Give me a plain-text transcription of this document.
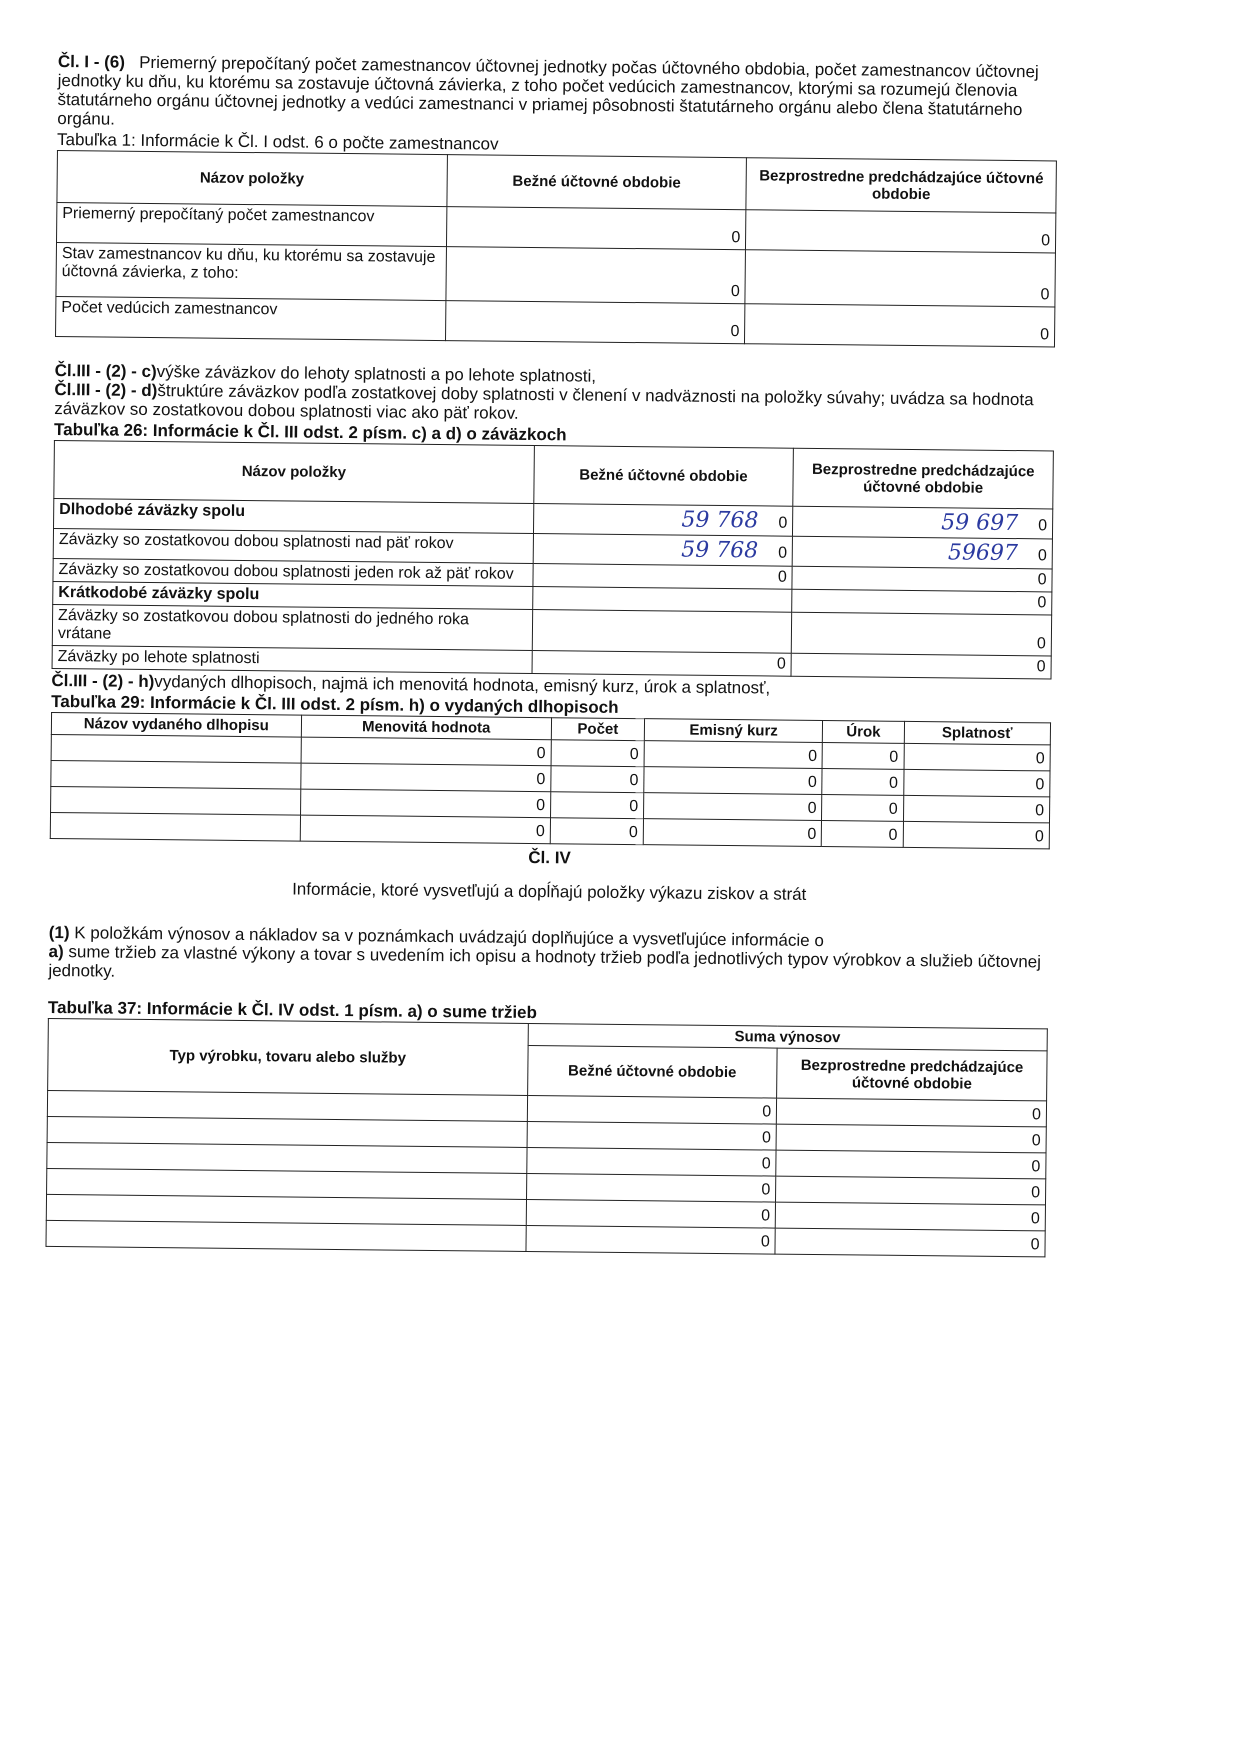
Čl. I - (6) Priemerný prepočítaný počet zamestnancov účtovnej jednotky počas účtovného obdobia, počet zamestnancov účtovnej jednotky ku dňu, ku ktorému sa zostavuje účtovná závierka, z toho počet vedúcich zamestnancov, ktorými sa rozumejú členovia štatutárneho orgánu účtovnej jednotky a vedúci zamestnanci v priamej pôsobnosti štatutárneho orgánu alebo člena štatutárneho orgánu.

Tabuľka 1: Informácie k Čl. I odst. 6 o počte zamestnancov
Názov položky	Bežné účtovné obdobie	Bezprostredne predchádzajúce účtovné obdobie
Priemerný prepočítaný počet zamestnancov	0	0
Stav zamestnancov ku dňu, ku ktorému sa zostavuje účtovná závierka, z toho:	0	0
Počet vedúcich zamestnancov	0	0

Čl.III - (2) - c)výške záväzkov do lehoty splatnosti a po lehote splatnosti,

Čl.III - (2) - d)štruktúre záväzkov podľa zostatkovej doby splatnosti v členení v nadväznosti na položky súvahy; uvádza sa hodnota záväzkov so zostatkovou dobou splatnosti viac ako päť rokov.

Tabuľka 26: Informácie k Čl. III odst. 2 písm. c) a d) o záväzkoch
Názov položky	Bežné účtovné obdobie	Bezprostredne predchádzajúce účtovné obdobie
Dlhodobé záväzky spolu	59 768 0	59 697 0
Záväzky so zostatkovou dobou splatnosti nad päť rokov	59 768 0	59697 0
Záväzky so zostatkovou dobou splatnosti jeden rok až päť rokov	0	0
Krátkodobé záväzky spolu		0
Záväzky so zostatkovou dobou splatnosti do jedného roka vrátane		0
Záväzky po lehote splatnosti	0	0

Čl.III - (2) - h)vydaných dlhopisoch, najmä ich menovitá hodnota, emisný kurz, úrok a splatnosť,

Tabuľka 29: Informácie k Čl. III odst. 2 písm. h) o vydaných dlhopisoch
Názov vydaného dlhopisu	Menovitá hodnota	Počet	Emisný kurz	Úrok	Splatnosť
	0	0	0	0	0
	0	0	0	0	0
	0	0	0	0	0
	0	0	0	0	0
Čl. IV
Informácie, ktoré vysvetľujú a dopĺňajú položky výkazu ziskov a strát

(1) K položkám výnosov a nákladov sa v poznámkach uvádzajú doplňujúce a vysvetľujúce informácie o

a) sume tržieb za vlastné výkony a tovar s uvedením ich opisu a hodnoty tržieb podľa jednotlivých typov výrobkov a služieb účtovnej jednotky.

Tabuľka 37: Informácie k Čl. IV odst. 1 písm. a) o sume tržieb
Typ výrobku, tovaru alebo služby	Suma výnosov	
	Bežné účtovné obdobie	Bezprostredne predchádzajúce účtovné obdobie
	0	0
	0	0
	0	0
	0	0
	0	0
	0	0
